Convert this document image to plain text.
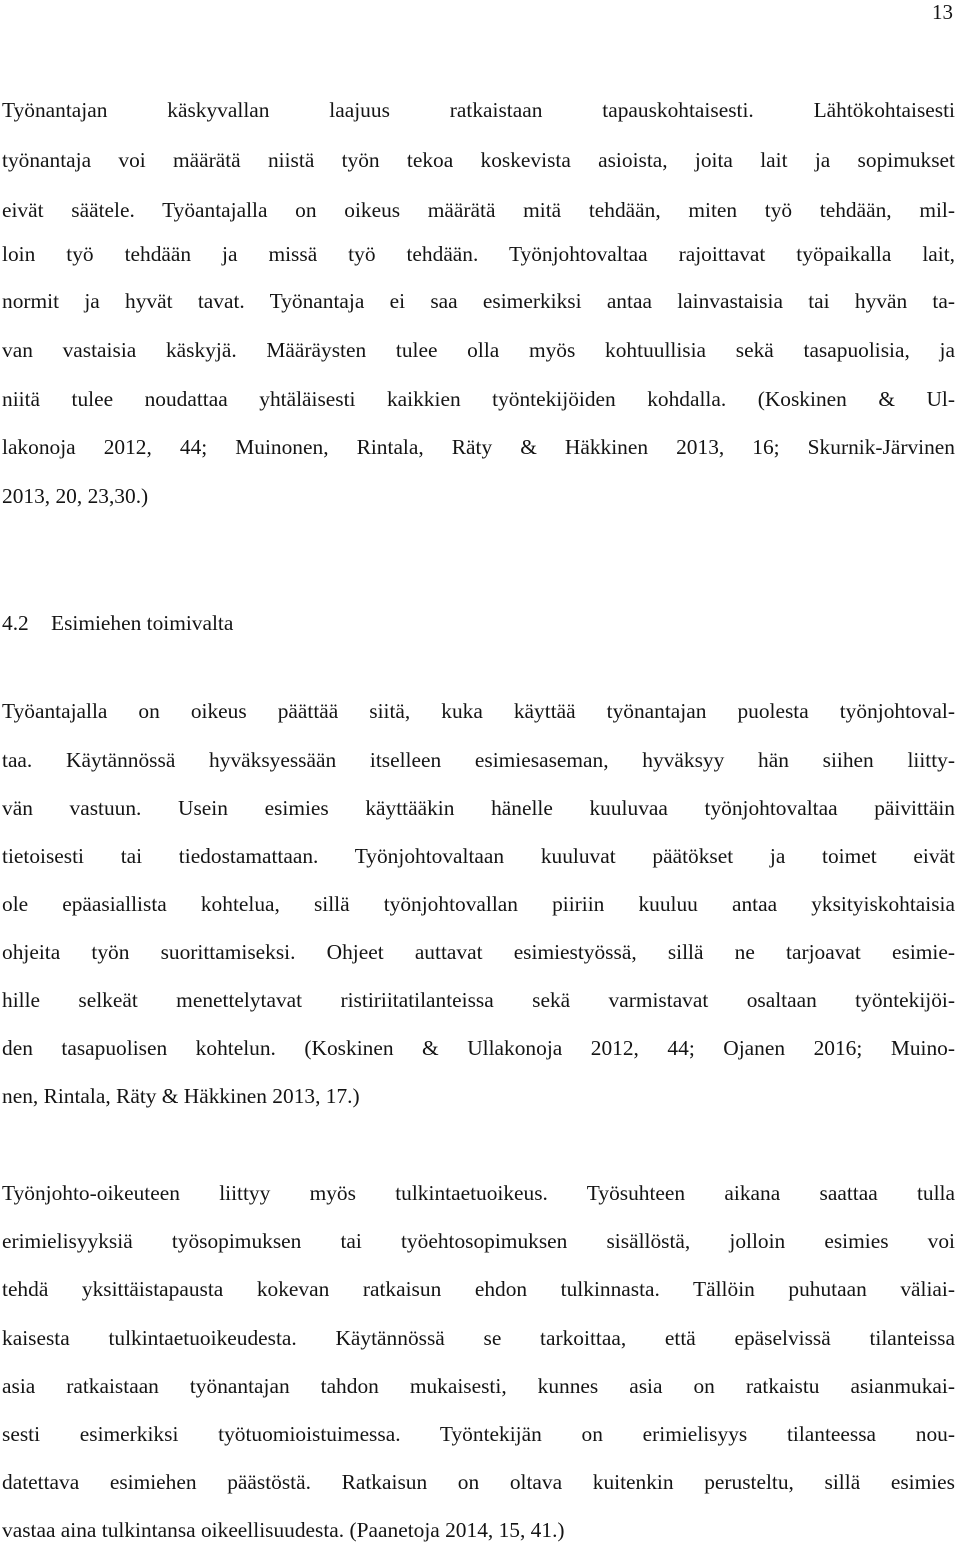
13
Työnantajan käskyvallan laajuus ratkaistaan tapauskohtaisesti. Lähtökohtaisesti
työnantaja voi määrätä niistä työn tekoa koskevista asioista, joita lait ja sopimukset
eivät säätele. Työantajalla on oikeus määrätä mitä tehdään, miten työ tehdään, mil-
loin työ tehdään ja missä työ tehdään. Työnjohtovaltaa rajoittavat työpaikalla lait,
normit ja hyvät tavat. Työnantaja ei saa esimerkiksi antaa lainvastaisia tai hyvän ta-
van vastaisia käskyjä. Määräysten tulee olla myös kohtuullisia sekä tasapuolisia, ja
niitä tulee noudattaa yhtäläisesti kaikkien työntekijöiden kohdalla. (Koskinen & Ul-
lakonoja 2012, 44; Muinonen, Rintala, Räty & Häkkinen 2013, 16; Skurnik-Järvinen
2013, 20, 23,30.)
4.2 Esimiehen toimivalta
Työantajalla on oikeus päättää siitä, kuka käyttää työnantajan puolesta työnjohtoval-
taa. Käytännössä hyväksyessään itselleen esimiesaseman, hyväksyy hän siihen liitty-
vän vastuun. Usein esimies käyttääkin hänelle kuuluvaa työnjohtovaltaa päivittäin
tietoisesti tai tiedostamattaan. Työnjohtovaltaan kuuluvat päätökset ja toimet eivät
ole epäasiallista kohtelua, sillä työnjohtovallan piiriin kuuluu antaa yksityiskohtaisia
ohjeita työn suorittamiseksi. Ohjeet auttavat esimiestyössä, sillä ne tarjoavat esimie-
hille selkeät menettelytavat ristiriitatilanteissa sekä varmistavat osaltaan työntekijöi-
den tasapuolisen kohtelun. (Koskinen & Ullakonoja 2012, 44; Ojanen 2016; Muino-
nen, Rintala, Räty & Häkkinen 2013, 17.)
Työnjohto-oikeuteen liittyy myös tulkintaetuoikeus. Työsuhteen aikana saattaa tulla
erimielisyyksiä työsopimuksen tai työehtosopimuksen sisällöstä, jolloin esimies voi
tehdä yksittäistapausta kokevan ratkaisun ehdon tulkinnasta. Tällöin puhutaan väliai-
kaisesta tulkintaetuoikeudesta. Käytännössä se tarkoittaa, että epäselvissä tilanteissa
asia ratkaistaan työnantajan tahdon mukaisesti, kunnes asia on ratkaistu asianmukai-
sesti esimerkiksi työtuomioistuimessa. Työntekijän on erimielisyys tilanteessa nou-
datettava esimiehen päästöstä. Ratkaisun on oltava kuitenkin perusteltu, sillä esimies
vastaa aina tulkintansa oikeellisuudesta. (Paanetoja 2014, 15, 41.)
